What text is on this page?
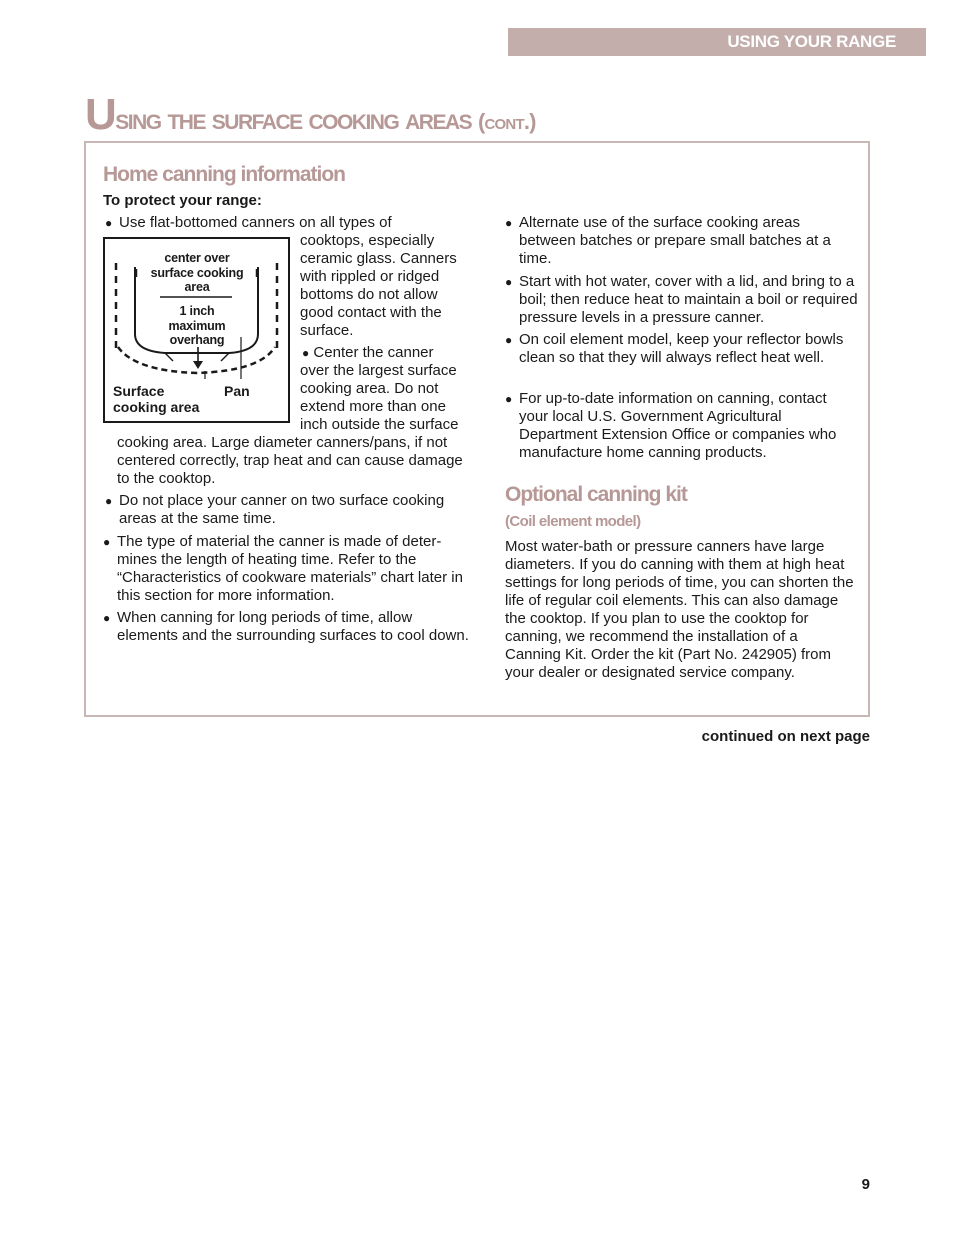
USING YOUR RANGE
Using the surface cooking areas (cont.)
Home canning information
To protect your range:
● Use flat-bottomed canners on all types of
center over
surface cooking
area
1 inch
maximum
overhang
Surface
cooking area
Pan
cooktops, especially
ceramic glass. Canners
with rippled or ridged
bottoms do not allow
good contact with the
surface.
● Center the canner
over the largest surface
cooking area. Do not
extend more than one
inch outside the surface
cooking area. Large diameter canners/pans, if not centered correctly, trap heat and can cause damage to the cooktop.
● Do not place your canner on two surface cooking areas at the same time.
● The type of material the canner is made of deter-mines the length of heating time. Refer to the “Characteristics of cookware materials” chart later in this section for more information.
● When canning for long periods of time, allow elements and the surrounding surfaces to cool down.
● Alternate use of the surface cooking areas between batches or prepare small batches at a time.
● Start with hot water, cover with a lid, and bring to a boil; then reduce heat to maintain a boil or required pressure levels in a pressure canner.
● On coil element model, keep your reflector bowls clean so that they will always reflect heat well.
● For up-to-date information on canning, contact your local U.S. Government Agricultural Department Extension Office or companies who manufacture home canning products.
Optional canning kit
(Coil element model)
Most water-bath or pressure canners have large diameters. If you do canning with them at high heat settings for long periods of time, you can shorten the life of regular coil elements. This can also damage the cooktop. If you plan to use the cooktop for canning, we recommend the installation of a Canning Kit. Order the kit (Part No. 242905) from your dealer or designated service company.
continued on next page
9
